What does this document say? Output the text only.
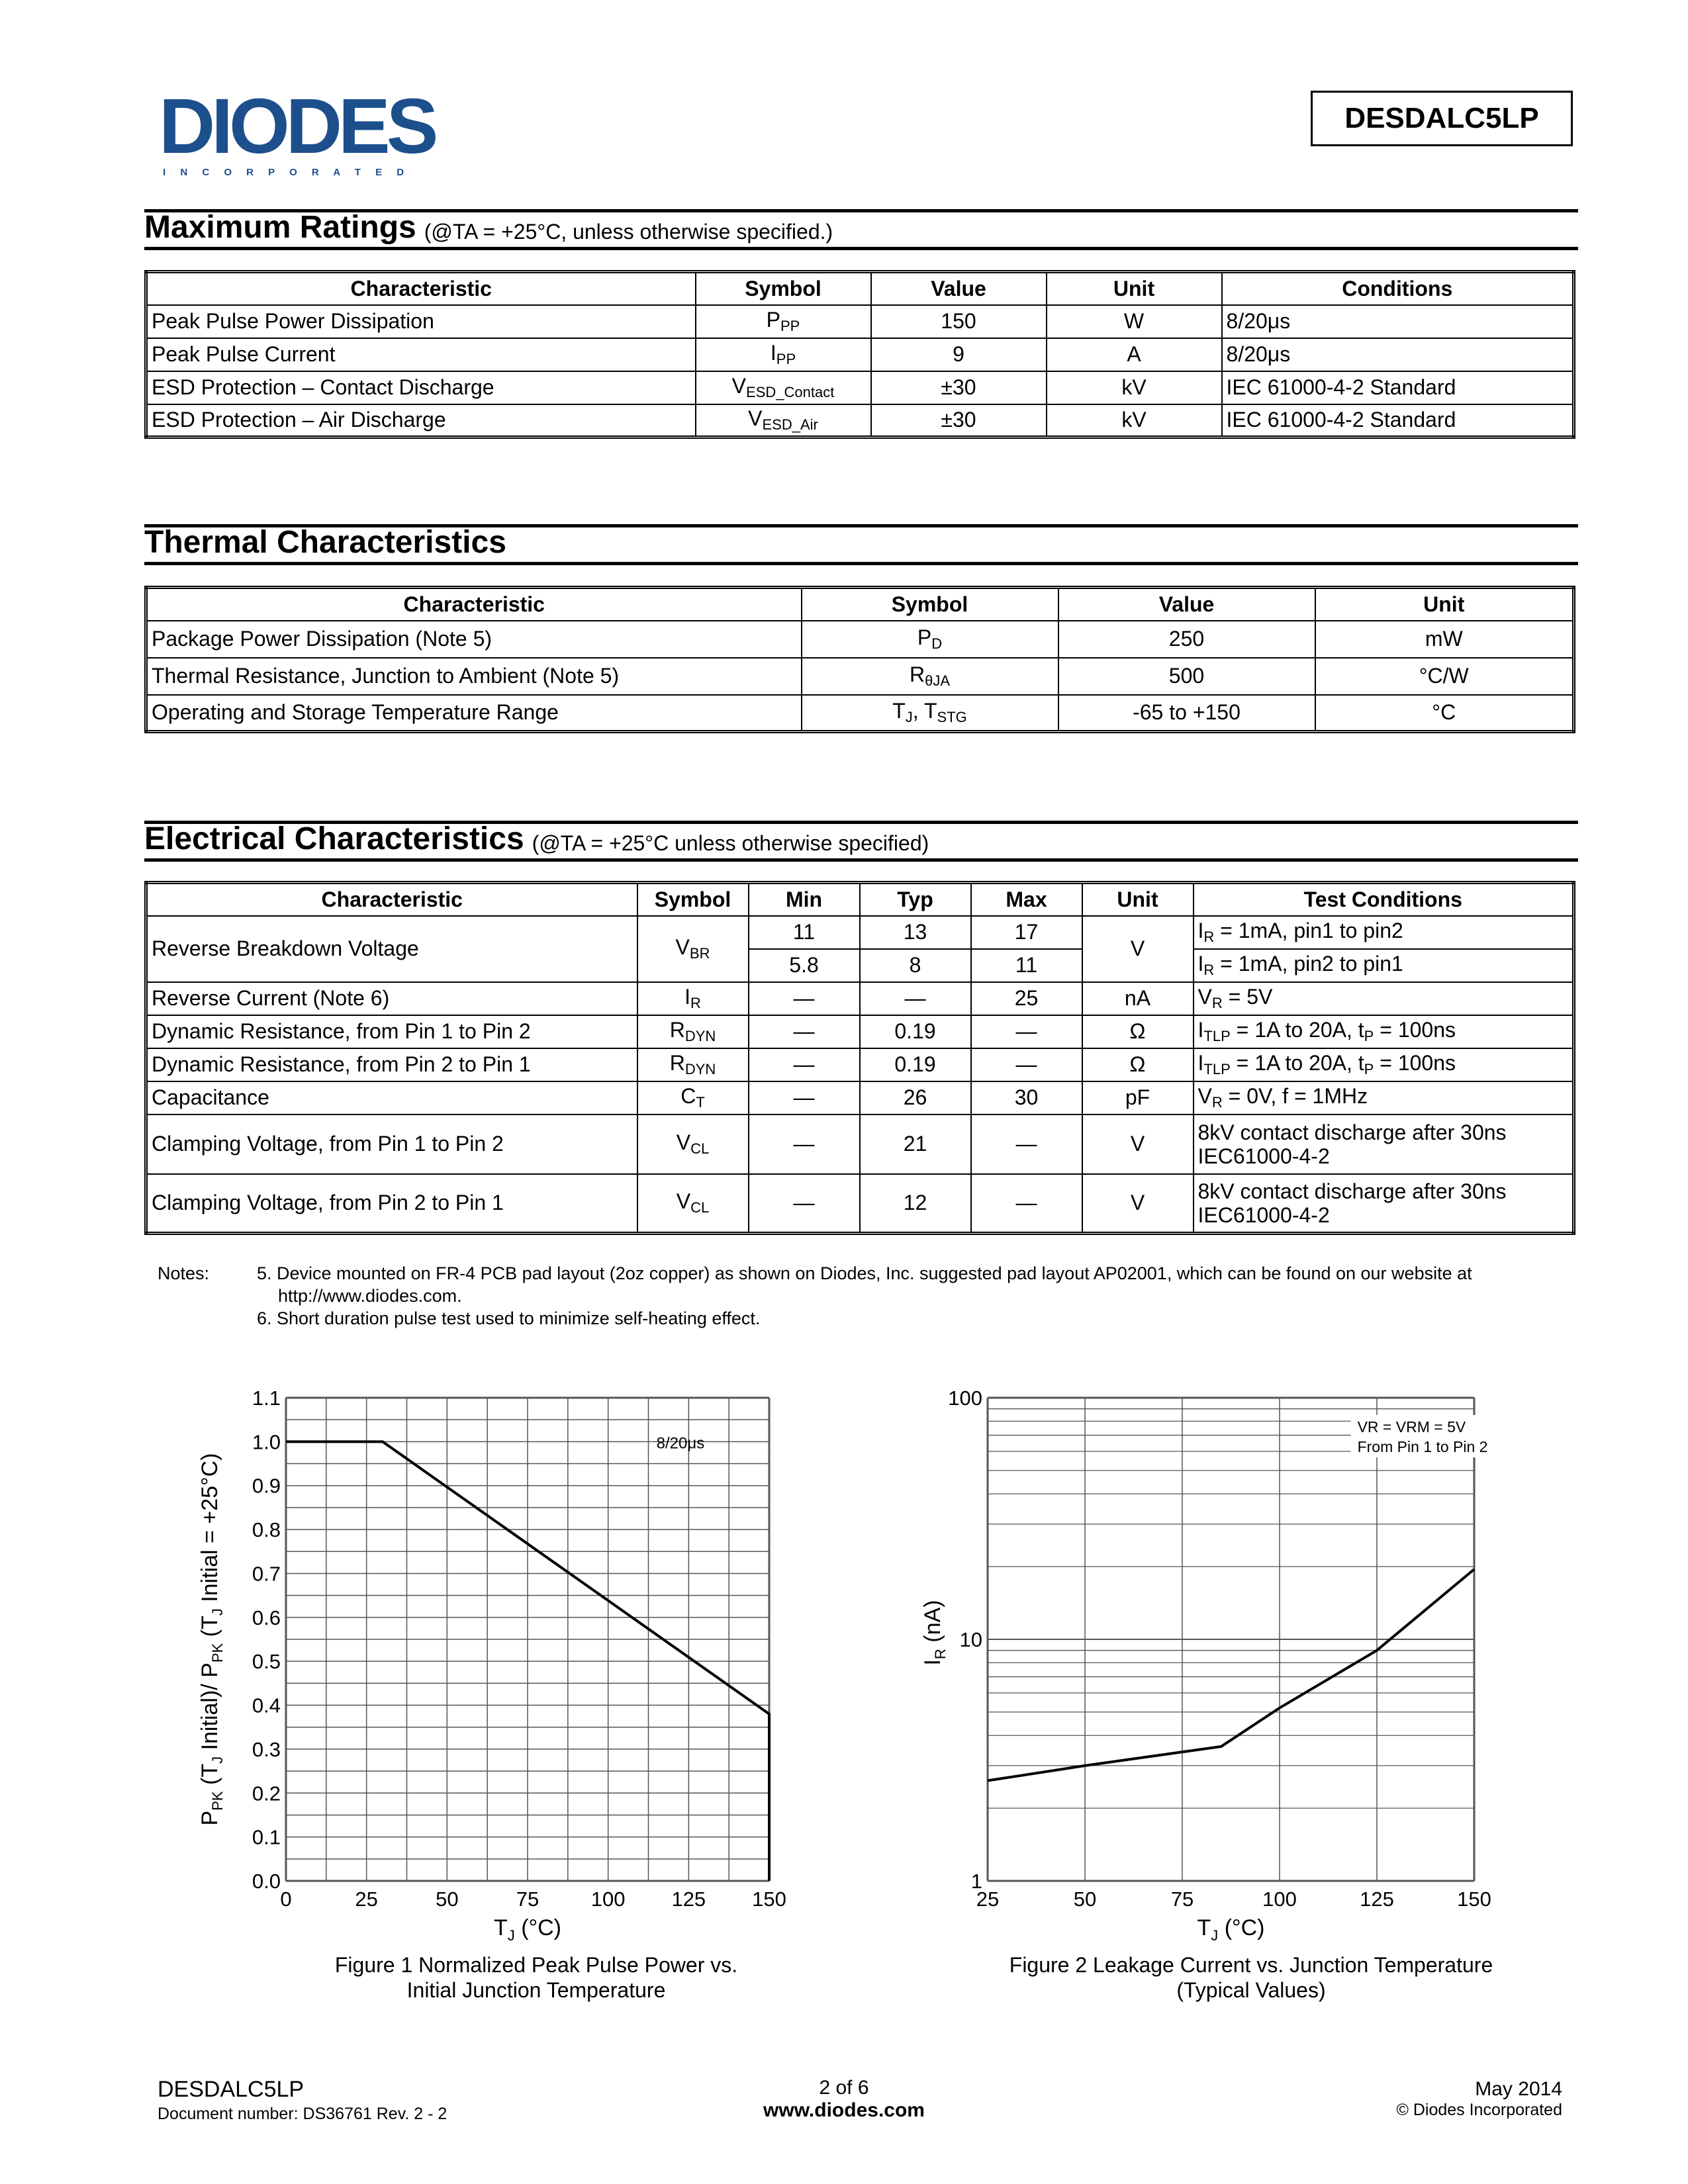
DIODES
I N C O R P O R A T E D
DESDALC5LP
Maximum Ratings (@TA = +25°C, unless otherwise specified.)
Characteristic	Symbol	Value	Unit	Conditions
Peak Pulse Power Dissipation	$P_{PP}$	150	W	8/20μs
Peak Pulse Current	$I_{PP}$	9	A	8/20μs
ESD Protection – Contact Discharge	$V_{ESD\_Contact}$	±30	kV	IEC 61000-4-2 Standard
ESD Protection – Air Discharge	$V_{ESD\_Air}$	±30	kV	IEC 61000-4-2 Standard
Thermal Characteristics
Characteristic	Symbol	Value	Unit
Package Power Dissipation (Note 5)	$P_D$	250	mW
Thermal Resistance, Junction to Ambient (Note 5)	$R_{\theta JA}$	500	°C/W
Operating and Storage Temperature Range	$T_J$, $T_{STG}$	-65 to +150	°C
Electrical Characteristics (@TA = +25°C unless otherwise specified)
Characteristic	Symbol	Min	Typ	Max	Unit	Test Conditions
Reverse Breakdown Voltage	$V_{BR}$	11	13	17	V	$I_R = 1mA$, pin1 to pin2
		5.8	8	11		$I_R = 1mA$, pin2 to pin1
Reverse Current (Note 6)	$I_R$	—	—	25	nA	$V_R = 5V$
Dynamic Resistance, from Pin 1 to Pin 2	$R_{DYN}$	—	0.19	—	Ω	$I_{TLP} = 1A$ to 20A, $t_P = 100ns$
Dynamic Resistance, from Pin 2 to Pin 1	$R_{DYN}$	—	0.19	—	Ω	$I_{TLP} = 1A$ to 20A, $t_P = 100ns$
Capacitance	$C_T$	—	26	30	pF	$V_R = 0V$, f = 1MHz
Clamping Voltage, from Pin 1 to Pin 2	$V_{CL}$	—	21	—	V	8kV contact discharge after 30ns
IEC61000-4-2

Clamping Voltage, from Pin 2 to Pin 1	$V_{CL}$	—	12	—	V	8kV contact discharge after 30ns
IEC61000-4-2
Notes:	5. Device mounted on FR-4 PCB pad layout (2oz copper) as shown on Diodes, Inc. suggested pad layout AP02001, which can be found on our website at
http://www.diodes.com.
6. Short duration pulse test used to minimize self-heating effect.
0.0
0.1
0.2
0.3
0.4
0.5
0.6
0.7
0.8
0.9
1.0
1.1
0	25	50	75	100 125 150
8/20μs
$T_J$ (°C)
$P_{PK}$ ($T_J$ Initial)/ $P_{PK}$ ($T_J$ Initial = +25°C)
Figure 1 Normalized Peak Pulse Power vs.
Initial Junction Temperature
1
10
100
25	50	75	100	125	150
VR = VRM = 5V
From Pin 1 to Pin 2
$T_J$ (°C)
$I_R$ (nA)
Figure 2 Leakage Current vs. Junction Temperature
(Typical Values)
DESDALC5LP
Document number: DS36761 Rev. 2 - 2
2 of 6
www.diodes.com
May 2014
© Diodes Incorporated
